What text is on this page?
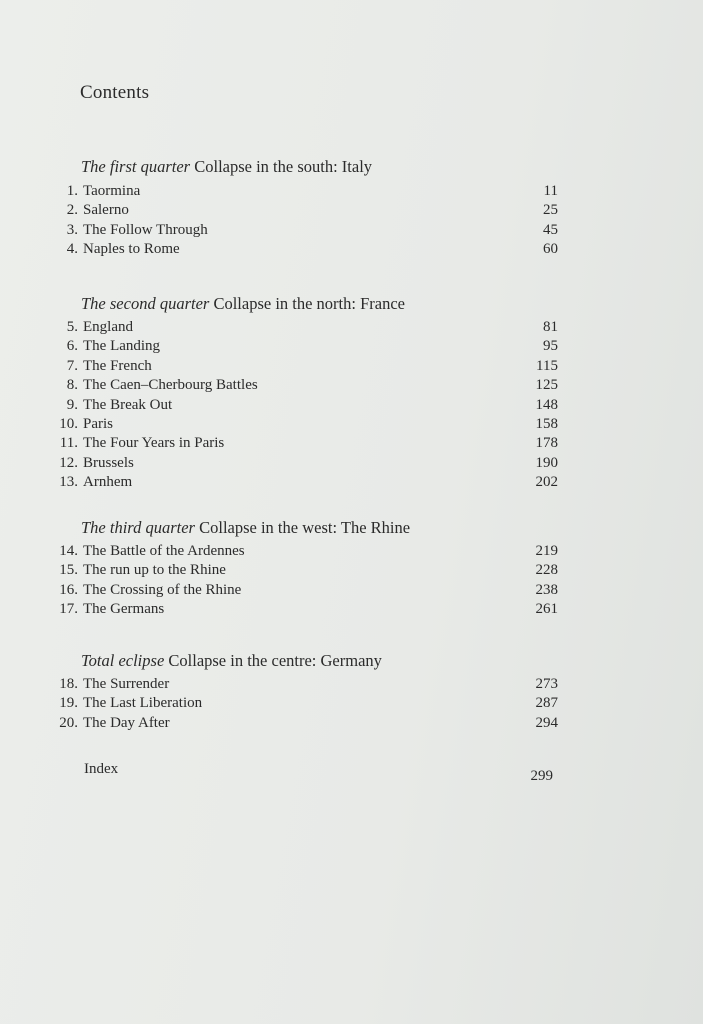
Contents
The first quarter Collapse in the south: Italy
1. Taormina	11
2. Salerno	25
3. The Follow Through	45
4. Naples to Rome	60
The second quarter Collapse in the north: France
5. England	81
6. The Landing	95
7. The French	115
8. The Caen–Cherbourg Battles	125
9. The Break Out	148
10. Paris	158
11. The Four Years in Paris	178
12. Brussels	190
13. Arnhem	202
The third quarter Collapse in the west: The Rhine
14. The Battle of the Ardennes	219
15. The run up to the Rhine	228
16. The Crossing of the Rhine	238
17. The Germans	261
Total eclipse Collapse in the centre: Germany
18. The Surrender	273
19. The Last Liberation	287
20. The Day After	294
Index	299
